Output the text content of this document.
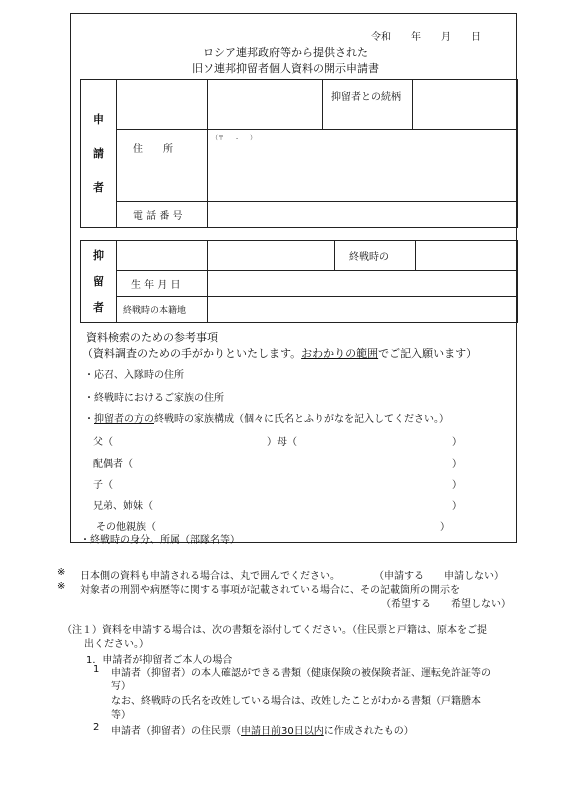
令和　　年　　月　　日
ロシア連邦政府等から提供された
旧ソ連邦抑留者個人資料の開示申請書
申
請
者			抑留者との続柄	
	住　　所	（〒　　-　　）		
	電 話 番 号			
抑
留
者			終戦時の	
	生 年 月 日			
	終戦時の本籍地			
資料検索のための参考事項
（資料調査のための手がかりといたします。おわかりの範囲でご記入願います）
・応召、入隊時の住所
・終戦時におけるご家族の住所
・抑留者の方の終戦時の家族構成（個々に氏名とふりがなを記入してください。）
父（	）母（	）
配偶者（	）
子（	）
兄弟、姉妹（	）
その他親族（	）
・終戦時の身分、所属（部隊名等）
※ 日本側の資料も申請される場合は、丸で囲んでください。	（申請する　　申請しない）
※ 対象者の刑罰や病歴等に関する事項が記載されている場合に、その記載箇所の開示を
（希望する　　希望しない）
（注１）資料を申請する場合は、次の書類を添付してください。（住民票と戸籍は、原本をご提
出ください。）
1．申請者が抑留者ご本人の場合
1 申請者（抑留者）の本人確認ができる書類（健康保険の被保険者証、運転免許証等の
写）
なお、終戦時の氏名を改姓している場合は、改姓したことがわかる書類（戸籍謄本
等）
2 申請者（抑留者）の住民票（申請日前30日以内に作成されたもの）
